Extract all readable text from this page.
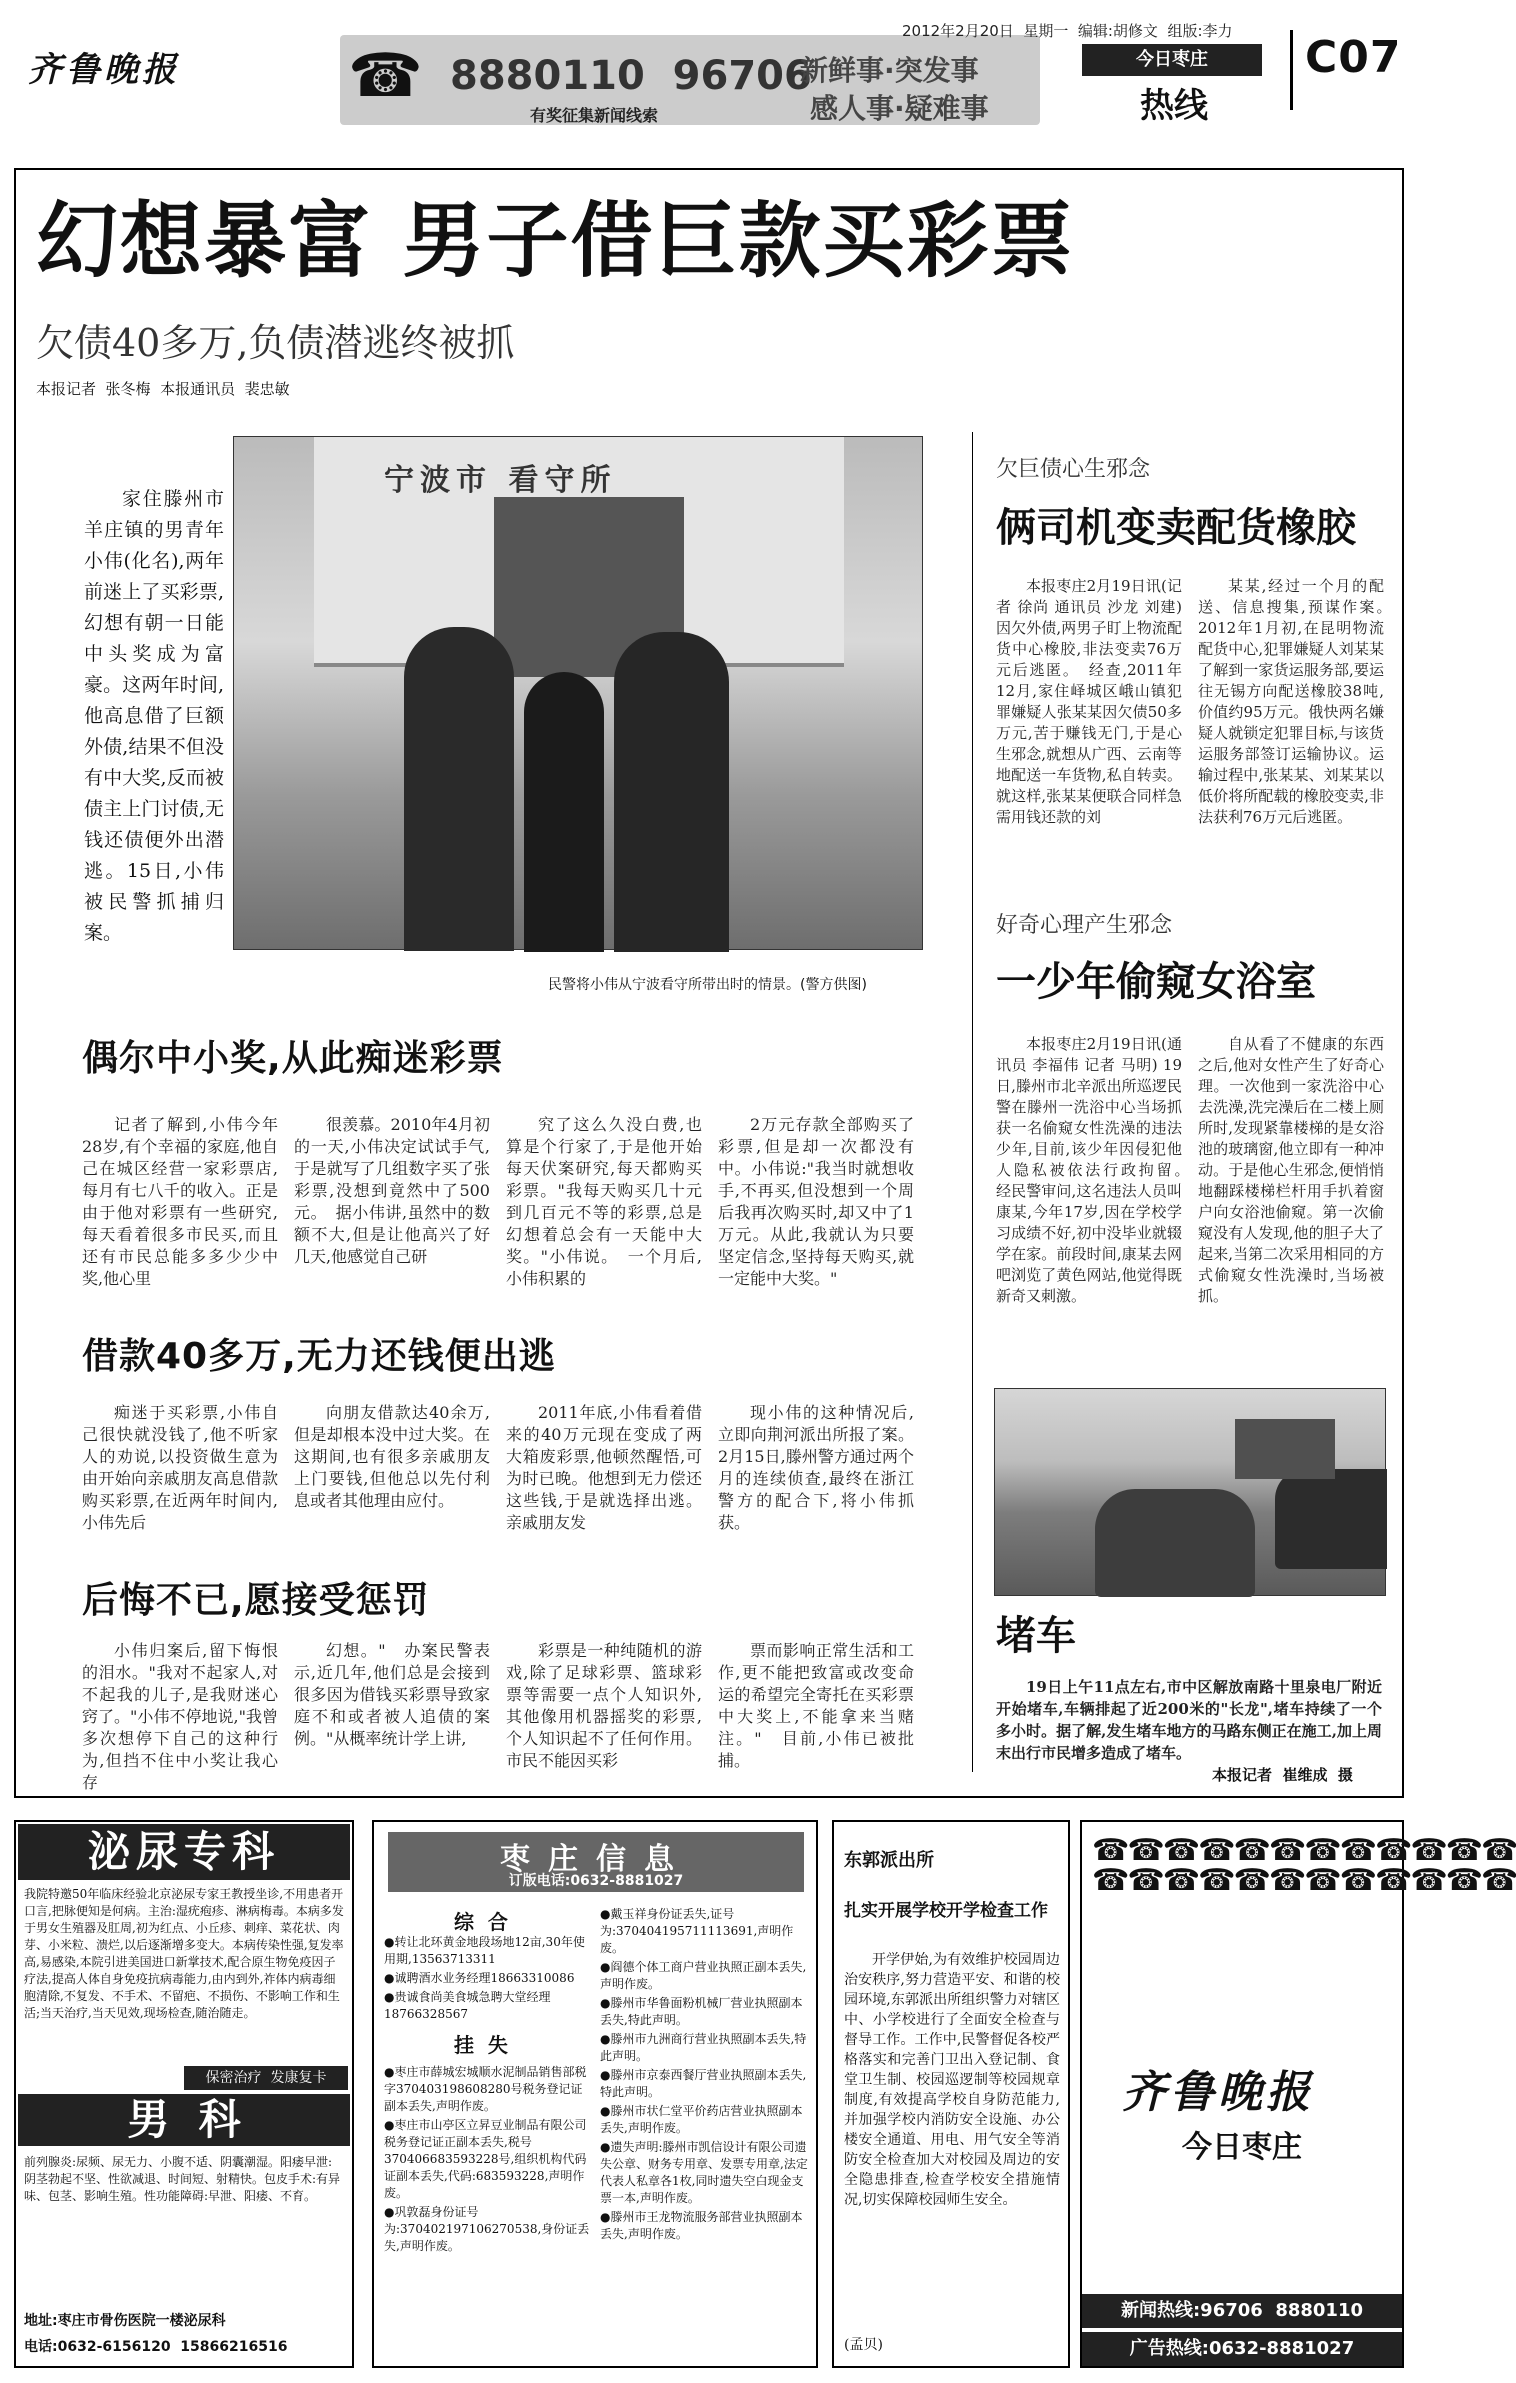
齐鲁晚报	☎ 8880110  96706
新鲜事·突发事
感人事·疑难事
有奖征集新闻线索
2012年2月20日  星期一  编辑:胡修文  组版:李力
今日枣庄
热线
C07
幻想暴富 男子借巨款买彩票
欠债40多万,负债潜逃终被抓
本报记者  张冬梅  本报通讯员  裴忠敏
家住滕州市羊庄镇的男青年小伟(化名),两年前迷上了买彩票,幻想有朝一日能中头奖成为富豪。这两年时间,他高息借了巨额外债,结果不但没有中大奖,反而被债主上门讨债,无钱还债便外出潜逃。15日,小伟被民警抓捕归案。
宁波市 看守所
民警将小伟从宁波看守所带出时的情景。(警方供图)
偶尔中小奖,从此痴迷彩票
记者了解到,小伟今年28岁,有个幸福的家庭,他自己在城区经营一家彩票店,每月有七八千的收入。正是由于他对彩票有一些研究,每天看着很多市民买,而且还有市民总能多多少少中奖,他心里
很羡慕。2010年4月初的一天,小伟决定试试手气,于是就写了几组数字买了张彩票,没想到竟然中了500元。　据小伟讲,虽然中的数额不大,但是让他高兴了好几天,他感觉自己研
究了这么久没白费,也算是个行家了,于是他开始每天伏案研究,每天都购买彩票。"我每天购买几十元到几百元不等的彩票,总是幻想着总会有一天能中大奖。"小伟说。　一个月后,小伟积累的
2万元存款全部购买了彩票,但是却一次都没有中。小伟说:"我当时就想收手,不再买,但没想到一个周后我再次购买时,却又中了1万元。从此,我就认为只要坚定信念,坚持每天购买,就一定能中大奖。"
借款40多万,无力还钱便出逃
痴迷于买彩票,小伟自己很快就没钱了,他不听家人的劝说,以投资做生意为由开始向亲戚朋友高息借款购买彩票,在近两年时间内,小伟先后
向朋友借款达40余万,但是却根本没中过大奖。在这期间,也有很多亲戚朋友上门要钱,但他总以先付利息或者其他理由应付。
2011年底,小伟看着借来的40万元现在变成了两大箱废彩票,他顿然醒悟,可为时已晚。他想到无力偿还这些钱,于是就选择出逃。亲戚朋友发
现小伟的这种情况后,立即向荆河派出所报了案。2月15日,滕州警方通过两个月的连续侦查,最终在浙江警方的配合下,将小伟抓获。
后悔不已,愿接受惩罚
小伟归案后,留下悔恨的泪水。"我对不起家人,对不起我的儿子,是我财迷心窍了。"小伟不停地说,"我曾多次想停下自己的这种行为,但挡不住中小奖让我心存
幻想。"　办案民警表示,近几年,他们总是会接到很多因为借钱买彩票导致家庭不和或者被人追债的案例。"从概率统计学上讲,
彩票是一种纯随机的游戏,除了足球彩票、篮球彩票等需要一点个人知识外,其他像用机器摇奖的彩票,个人知识起不了任何作用。市民不能因买彩
票而影响正常生活和工作,更不能把致富或改变命运的希望完全寄托在买彩票中大奖上,不能拿来当赌注。"　目前,小伟已被批捕。
欠巨债心生邪念
俩司机变卖配货橡胶
本报枣庄2月19日讯(记者 徐尚 通讯员 沙龙 刘建) 因欠外债,两男子盯上物流配货中心橡胶,非法变卖76万元后逃匿。　经查,2011年12月,家住峄城区峨山镇犯罪嫌疑人张某某因欠债50多万元,苦于赚钱无门,于是心生邪念,就想从广西、云南等地配送一车货物,私自转卖。就这样,张某某便联合同样急需用钱还款的刘
某某,经过一个月的配送、信息搜集,预谋作案。　2012年1月初,在昆明物流配货中心,犯罪嫌疑人刘某某了解到一家货运服务部,要运往无锡方向配送橡胶38吨,价值约95万元。俄快两名嫌疑人就锁定犯罪目标,与该货运服务部签订运输协议。运输过程中,张某某、刘某某以低价将所配载的橡胶变卖,非法获利76万元后逃匿。
好奇心理产生邪念
一少年偷窥女浴室
本报枣庄2月19日讯(通讯员 李福伟 记者 马明) 19日,滕州市北辛派出所巡逻民警在滕州一洗浴中心当场抓获一名偷窥女性洗澡的违法少年,目前,该少年因侵犯他人隐私被依法行政拘留。　经民警审问,这名违法人员叫康某,今年17岁,因在学校学习成绩不好,初中没毕业就辍学在家。前段时间,康某去网吧浏览了黄色网站,他觉得既新奇又刺激。
自从看了不健康的东西之后,他对女性产生了好奇心理。一次他到一家洗浴中心去洗澡,洗完澡后在二楼上厕所时,发现紧靠楼梯的是女浴池的玻璃窗,他立即有一种冲动。于是他心生邪念,便悄悄地翻踩楼梯栏杆用手扒着窗户向女浴池偷窥。第一次偷窥没有人发现,他的胆子大了起来,当第二次采用相同的方式偷窥女性洗澡时,当场被抓。
堵车
19日上午11点左右,市中区解放南路十里泉电厂附近开始堵车,车辆排起了近200米的"长龙",堵车持续了一个多小时。据了解,发生堵车地方的马路东侧正在施工,加上周末出行市民增多造成了堵车。
本报记者  崔维成  摄
泌尿专科
我院特邀50年临床经验北京泌尿专家王教授坐诊,不用患者开口言,把脉便知是何病。主治:湿疣疱疹、淋病梅毒。本病多发于男女生殖器及肛周,初为红点、小丘疹、刺痒、菜花状、肉芽、小米粒、溃烂,以后逐渐增多变大。本病传染性强,复发率高,易感染,本院引进美国进口新掌技术,配合原生物免疫因子疗法,提高人体自身免疫抗病毒能力,由内到外,祚体内病毒细胞清除,不复发、不手术、不留疤、不损伤、不影响工作和生活;当天治疗,当天见效,现场检查,随治随走。
保密治疗  发康复卡
男  科
前列腺炎:尿频、尿无力、小腹不适、阴囊潮湿。阳痿早泄:阴茎勃起不坚、性欲减退、时间短、射精快。包皮手术:有异味、包茎、影响生殖。性功能障碍:早泄、阳痿、不育。
地址:枣庄市骨伤医院一楼泌尿科
电话:0632-6156120  15866216516
枣庄信息
订版电话:0632-8881027
综  合
●转让北环黄金地段场地12亩,30年使用期,13563713311
●诚聘酒水业务经理18663310086
●贵诚食尚美食城急聘大堂经理18766328567
挂  失
●枣庄市薛城宏城顺水泥制品销售部税字370403198608280号税务登记证副本丢失,声明作废。
●枣庄市山亭区立昇豆业制品有限公司税务登记证正副本丢失,税号370406683593228号,组织机构代码证副本丢失,代码:683593228,声明作废。
●巩敦磊身份证号为:370402197106270538,身份证丢失,声明作废。
●戴玉祥身份证丢失,证号为:370404195711113691,声明作废。
●阎德个体工商户营业执照正副本丢失,声明作废。
●滕州市华鲁面粉机械厂营业执照副本丢失,特此声明。
●滕州市九洲商行营业执照副本丢失,特此声明。
●滕州市京泰西餐厅营业执照副本丢失,特此声明。
●滕州市状仁堂平价药店营业执照副本丢失,声明作废。
●遗失声明:滕州市凯信设计有限公司遗失公章、财务专用章、发票专用章,法定代表人私章各1枚,同时遗失空白现金支票一本,声明作废。
●滕州市王龙物流服务部营业执照副本丢失,声明作废。
东郭派出所
扎实开展学校开学检查工作
开学伊始,为有效维护校园周边治安秩序,努力营造平安、和谐的校园环境,东郭派出所组织警力对辖区中、小学校进行了全面安全检查与督导工作。工作中,民警督促各校严格落实和完善门卫出入登记制、食堂卫生制、校园巡逻制等校园规章制度,有效提高学校自身防范能力,并加强学校内消防安全设施、办公楼安全通道、用电、用气安全等消防安全检查加大对校园及周边的安全隐患排查,检查学校安全措施情况,切实保障校园师生安全。
(孟贝)
☎☎☎☎☎☎☎☎☎☎☎☎
☎☎☎☎☎☎☎☎☎☎☎☎
齐鲁晚报
今日枣庄
新闻热线:96706  8880110
广告热线:0632-8881027
